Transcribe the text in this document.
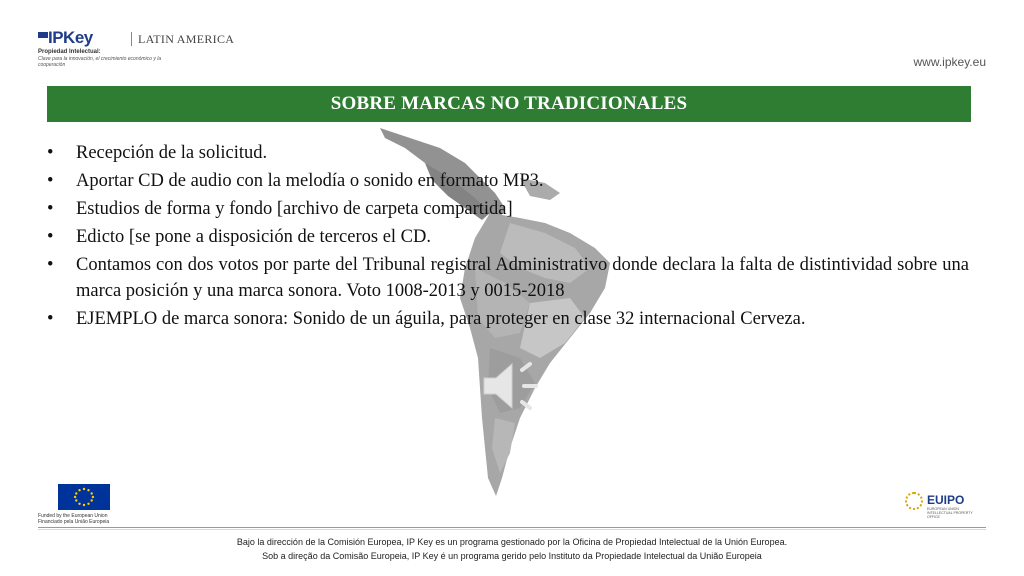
IPKey	LATIN AMERICA
Propiedad Intelectual:
Clave para la innovación, el crecimiento económico y la cooperación	www.ipkey.eu
SOBRE MARCAS NO TRADICIONALES
• Recepción de la solicitud.
• Aportar CD de audio con la melodía o sonido en formato MP3.
• Estudios de forma y fondo [archivo de carpeta compartida]
• Edicto [se pone a disposición de terceros el CD.
• Contamos con dos votos por parte del Tribunal registral Administrativo donde declara la falta de distintividad sobre una marca posición y una marca sonora. Voto 1008-2013 y 0015-2018
• EJEMPLO de marca sonora: Sonido de un águila, para proteger en clase 32 internacional Cerveza.
Funded by the European Union
Financiado pela União Europeia
EUIPO
EUROPEAN UNION INTELLECTUAL PROPERTY OFFICE
Bajo la dirección de la Comisión Europea, IP Key es un programa gestionado por la Oficina de Propiedad Intelectual de la Unión Europea.
Sob a direção da Comisão Europeia, IP Key é un programa gerido pelo Instituto da Propiedade Intelectual da União Europeia
